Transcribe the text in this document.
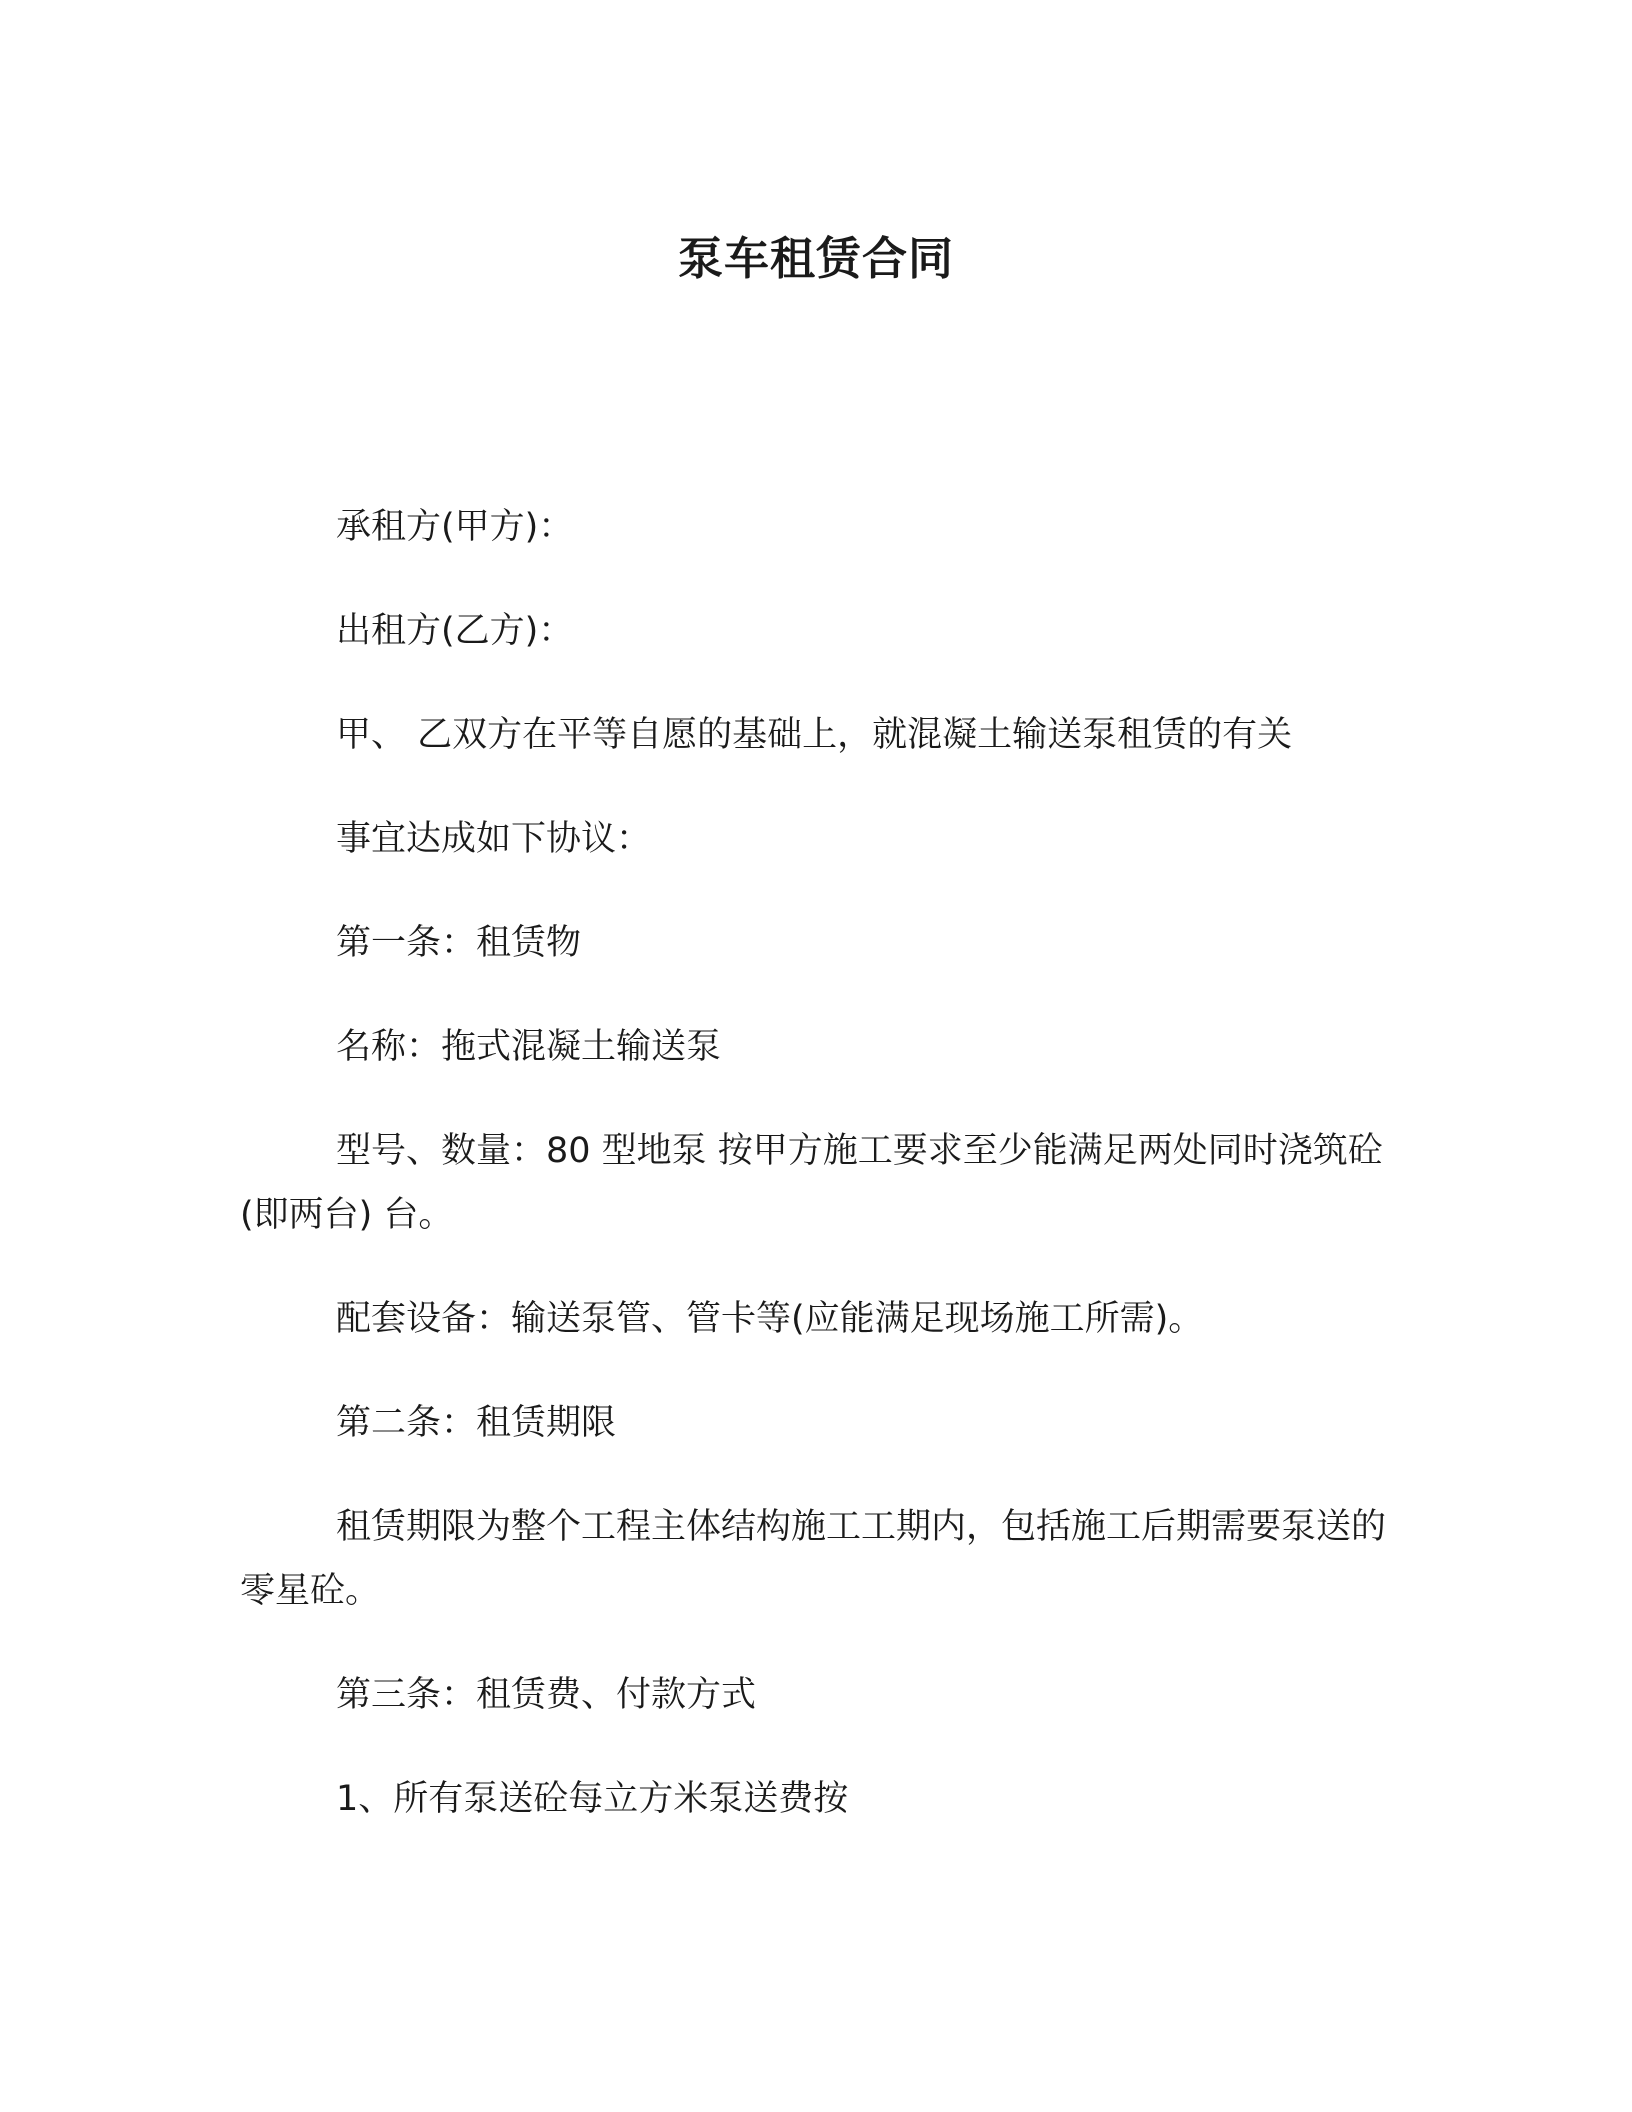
泵车租赁合同

承租方(甲方)：

出租方(乙方)：

甲、 乙双方在平等自愿的基础上，就混凝土输送泵租赁的有关

事宜达成如下协议：

第一条：租赁物

名称：拖式混凝土输送泵

型号、数量：80 型地泵 按甲方施工要求至少能满足两处同时浇筑砼(即两台) 台。

配套设备：输送泵管、管卡等(应能满足现场施工所需)。

第二条：租赁期限

租赁期限为整个工程主体结构施工工期内，包括施工后期需要泵送的零星砼。

第三条：租赁费、付款方式

1、所有泵送砼每立方米泵送费按
